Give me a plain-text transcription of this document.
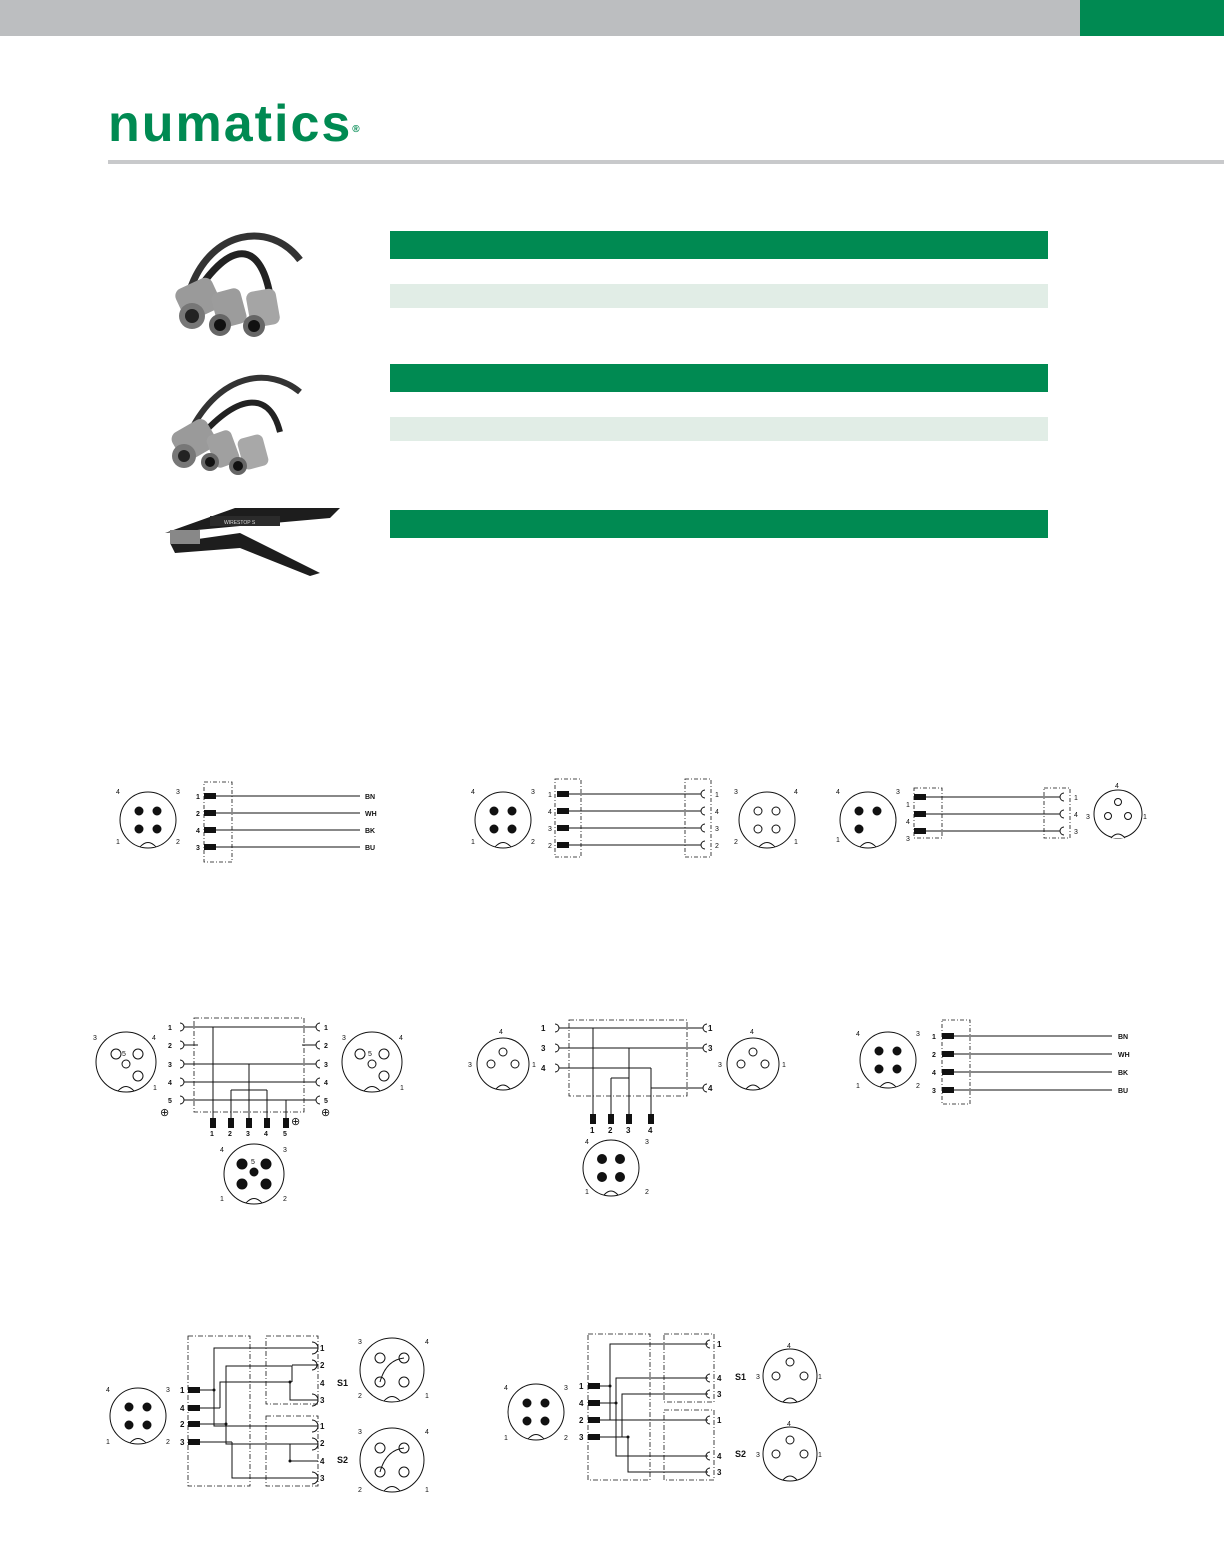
numatics®
WIRESTOP S
4	3
1	2
1
2
4
3
BN
WH
BK
BU
4	3
1	2
1
4
3
2
1
4
3
2
3	4
2	1
4	3
1
1
4
3
1
4
3
4
3	1
3	4
5
1
⊕
1
2
3
4
5
1
2
3
4
5
1 2 3 4 5
⊕
⊕
3	4
5
1
4	3
5
1	2
4
3	1
1
3
4
1
3
4
1 2 3 4
4
3	1
4	3
1	2
4	3
1	2
1
2
4
3
BN
WH
BK
BU
4	3
1	2
1
4
2
3
1
2
4
3
1
2
4
3
S1
S2
3	4
2	1
3	4
2	1
4	3
1	2
1
4
2
3
1
4
3
1
4
3
S1
S2
4
3	1
4
3	1
